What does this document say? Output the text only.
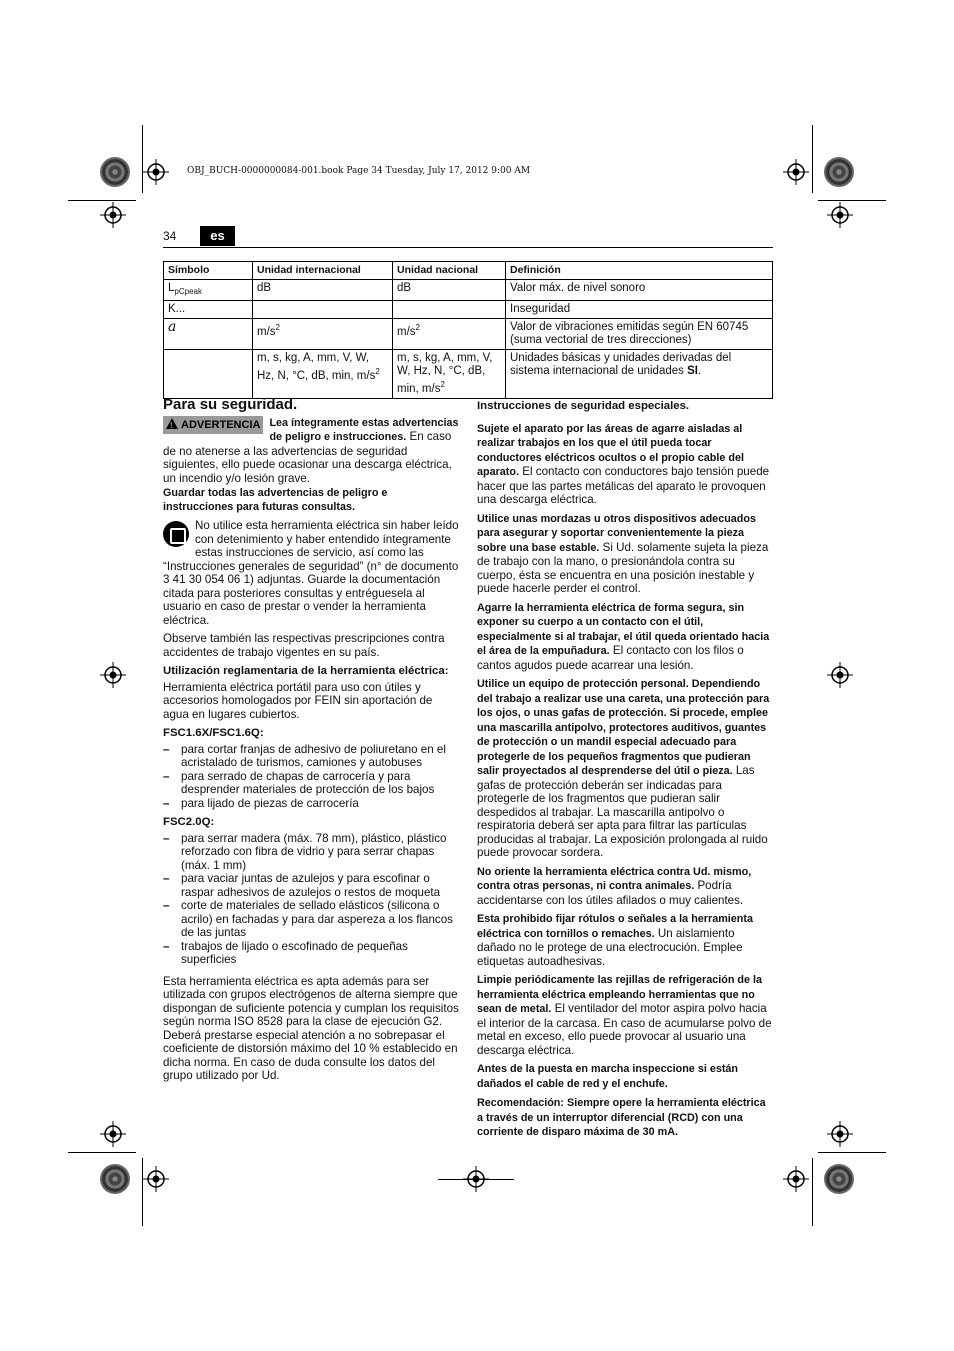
OBJ_BUCH-0000000084-001.book Page 34 Tuesday, July 17, 2012 9:00 AM
34	es
Símbolo	Unidad internacional	Unidad nacional	Definición
$L_{pCpeak}$	dB	dB	Valor máx. de nivel sonoro
K...			Inseguridad
a	$m/s^2$	$m/s^2$	Valor de vibraciones emitidas según EN 60745 (suma vectorial de tres direcciones)
	m, s, kg, A, mm, V, W, Hz, N, °C, dB, min, $m/s^2$	m, s, kg, A, mm, V, W, Hz, N, °C, dB, min, $m/s^2$	Unidades básicas y unidades derivadas del sistema internacional de unidades SI.
Para su seguridad.

! ADVERTENCIA Lea íntegramente estas advertencias de peligro e instrucciones. En caso de no atenerse a las advertencias de seguridad siguientes, ello puede ocasionar una descarga eléctrica, un incendio y/o lesión grave.

Guardar todas las advertencias de peligro e instrucciones para futuras consultas.

No utilice esta herramienta eléctrica sin haber leído con detenimiento y haber entendido íntegramente estas instrucciones de servicio, así como las “Instrucciones generales de seguridad” (n° de documento 3 41 30 054 06 1) adjuntas. Guarde la documentación citada para posteriores consultas y entréguesela al usuario en caso de prestar o vender la herramienta eléctrica.

Observe también las respectivas prescripciones contra accidentes de trabajo vigentes en su país.

Utilización reglamentaria de la herramienta eléctrica:

Herramienta eléctrica portátil para uso con útiles y accesorios homologados por FEIN sin aportación de agua en lugares cubiertos.

FSC1.6X/FSC1.6Q:
– para cortar franjas de adhesivo de poliuretano en el acristalado de turismos, camiones y autobuses
– para serrado de chapas de carrocería y para desprender materiales de protección de los bajos
– para lijado de piezas de carrocería
FSC2.0Q:
– para serrar madera (máx. 78 mm), plástico, plástico reforzado con fibra de vidrio y para serrar chapas (máx. 1 mm)
– para vaciar juntas de azulejos y para escofinar o raspar adhesivos de azulejos o restos de moqueta
– corte de materiales de sellado elásticos (silicona o acrilo) en fachadas y para dar aspereza a los flancos de las juntas
– trabajos de lijado o escofinado de pequeñas superficies

Esta herramienta eléctrica es apta además para ser utilizada con grupos electrógenos de alterna siempre que dispongan de suficiente potencia y cumplan los requisitos según norma ISO 8528 para la clase de ejecución G2. Deberá prestarse especial atención a no sobrepasar el coeficiente de distorsión máximo del 10 % establecido en dicha norma. En caso de duda consulte los datos del grupo utilizado por Ud.

Instrucciones de seguridad especiales.

Sujete el aparato por las áreas de agarre aisladas al realizar trabajos en los que el útil pueda tocar conductores eléctricos ocultos o el propio cable del aparato. El contacto con conductores bajo tensión puede hacer que las partes metálicas del aparato le provoquen una descarga eléctrica.

Utilice unas mordazas u otros dispositivos adecuados para asegurar y soportar convenientemente la pieza sobre una base estable. Si Ud. solamente sujeta la pieza de trabajo con la mano, o presionándola contra su cuerpo, ésta se encuentra en una posición inestable y puede hacerle perder el control.

Agarre la herramienta eléctrica de forma segura, sin exponer su cuerpo a un contacto con el útil, especialmente si al trabajar, el útil queda orientado hacia el área de la empuñadura. El contacto con los filos o cantos agudos puede acarrear una lesión.

Utilice un equipo de protección personal. Dependiendo del trabajo a realizar use una careta, una protección para los ojos, o unas gafas de protección. Si procede, emplee una mascarilla antipolvo, protectores auditivos, guantes de protección o un mandil especial adecuado para protegerle de los pequeños fragmentos que pudieran salir proyectados al desprenderse del útil o pieza. Las gafas de protección deberán ser indicadas para protegerle de los fragmentos que pudieran salir despedidos al trabajar. La mascarilla antipolvo o respiratoria deberá ser apta para filtrar las partículas producidas al trabajar. La exposición prolongada al ruido puede provocar sordera.

No oriente la herramienta eléctrica contra Ud. mismo, contra otras personas, ni contra animales. Podría accidentarse con los útiles afilados o muy calientes.

Esta prohibido fijar rótulos o señales a la herramienta eléctrica con tornillos o remaches. Un aislamiento dañado no le protege de una electrocución. Emplee etiquetas autoadhesivas.

Limpie periódicamente las rejillas de refrigeración de la herramienta eléctrica empleando herramientas que no sean de metal. El ventilador del motor aspira polvo hacia el interior de la carcasa. En caso de acumularse polvo de metal en exceso, ello puede provocar al usuario una descarga eléctrica.

Antes de la puesta en marcha inspeccione si están dañados el cable de red y el enchufe.

Recomendación: Siempre opere la herramienta eléctrica a través de un interruptor diferencial (RCD) con una corriente de disparo máxima de 30 mA.
